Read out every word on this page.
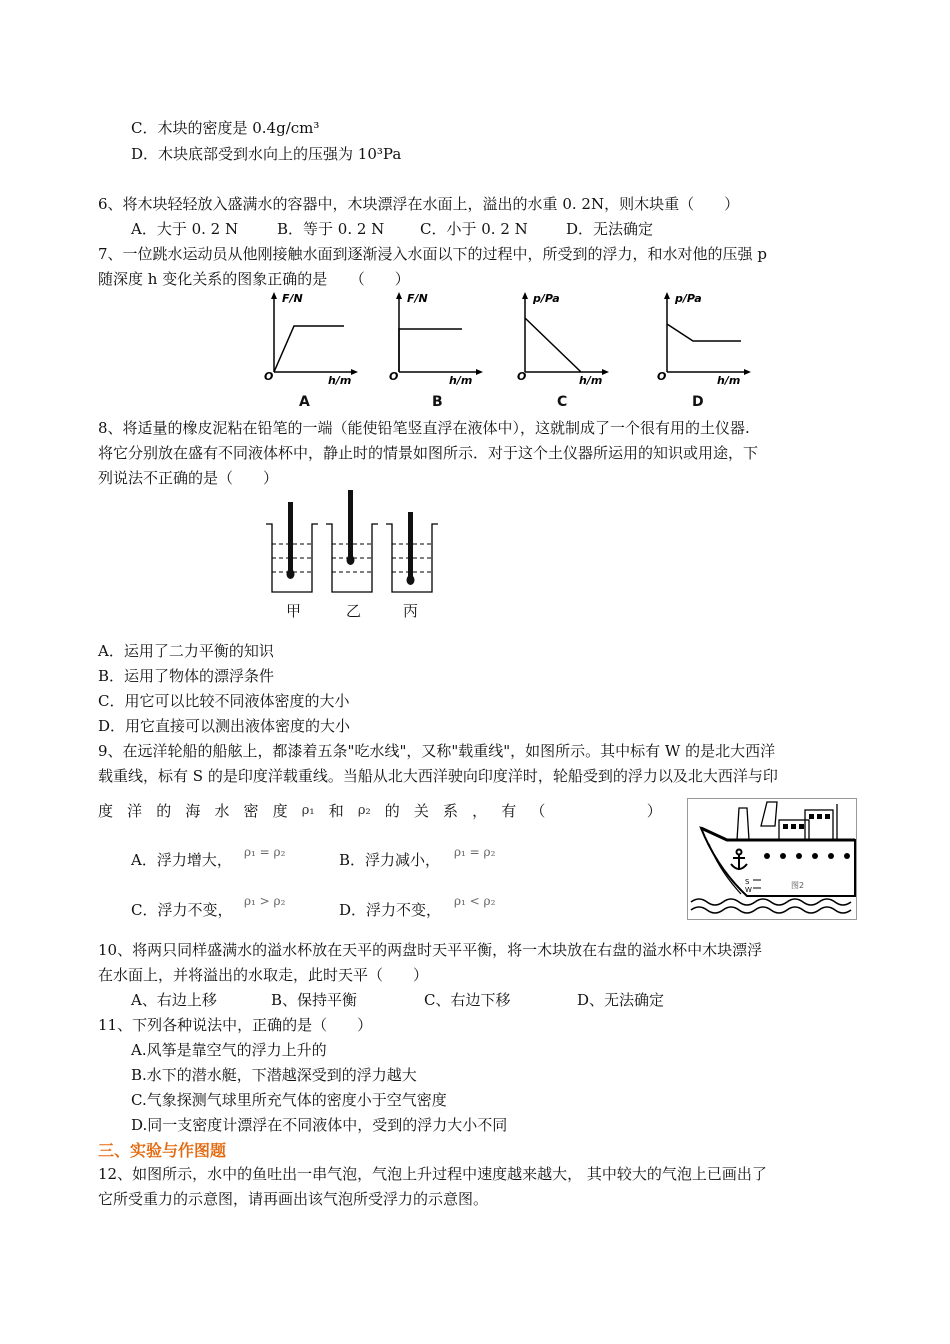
C．木块的密度是 0.4g/cm³
D．木块底部受到水向上的压强为 10³Pa
6、将木块轻轻放入盛满水的容器中，木块漂浮在水面上，溢出的水重 0. 2N，则木块重（　　）
A．大于 0. 2 N	B．等于 0. 2 N C．小于 0. 2 N	D．无法确定
7、一位跳水运动员从他刚接触水面到逐渐浸入水面以下的过程中，所受到的浮力，和水对他的压强 p
随深度 h 变化关系的图象正确的是　　（　　）
F/N
O	h/m
A
F/N
O	h/m
B
p/Pa
O	h/m
C
p/Pa
O	h/m
D
8、将适量的橡皮泥粘在铅笔的一端（能使铅笔竖直浮在液体中），这就制成了一个很有用的土仪器.
将它分别放在盛有不同液体杯中，静止时的情景如图所示．对于这个土仪器所运用的知识或用途，下
列说法不正确的是（　　）
甲	乙	丙
A．运用了二力平衡的知识
B．运用了物体的漂浮条件
C．用它可以比较不同液体密度的大小
D．用它直接可以测出液体密度的大小
9、在远洋轮船的船舷上，都漆着五条"吃水线"，又称"载重线"，如图所示。其中标有 W 的是北大西洋
载重线，标有 S 的是印度洋载重线。当船从北大西洋驶向印度洋时，轮船受到的浮力以及北大西洋与印
度 洋 的 海 水 密 度 ρ₁ 和 ρ₂ 的 关 系 ， 有 （

　	）
A．浮力增大， ρ₁ = ρ₂	B．浮力减小， ρ₁ = ρ₂
C．浮力不变， ρ₁ > ρ₂	D．浮力不变， ρ₁ < ρ₂
S
W	图2
10、将两只同样盛满水的溢水杯放在天平的两盘时天平平衡，将一木块放在右盘的溢水杯中木块漂浮
在水面上，并将溢出的水取走，此时天平（　　）
A、右边上移	B、保持平衡	C、右边下移	D、无法确定
11、下列各种说法中，正确的是（　　）
A.风筝是靠空气的浮力上升的
B.水下的潜水艇，下潜越深受到的浮力越大
C.气象探测气球里所充气体的密度小于空气密度
D.同一支密度计漂浮在不同液体中，受到的浮力大小不同
三、实验与作图题
12、如图所示，水中的鱼吐出一串气泡，气泡上升过程中速度越来越大， 其中较大的气泡上已画出了
它所受重力的示意图，请再画出该气泡所受浮力的示意图。
